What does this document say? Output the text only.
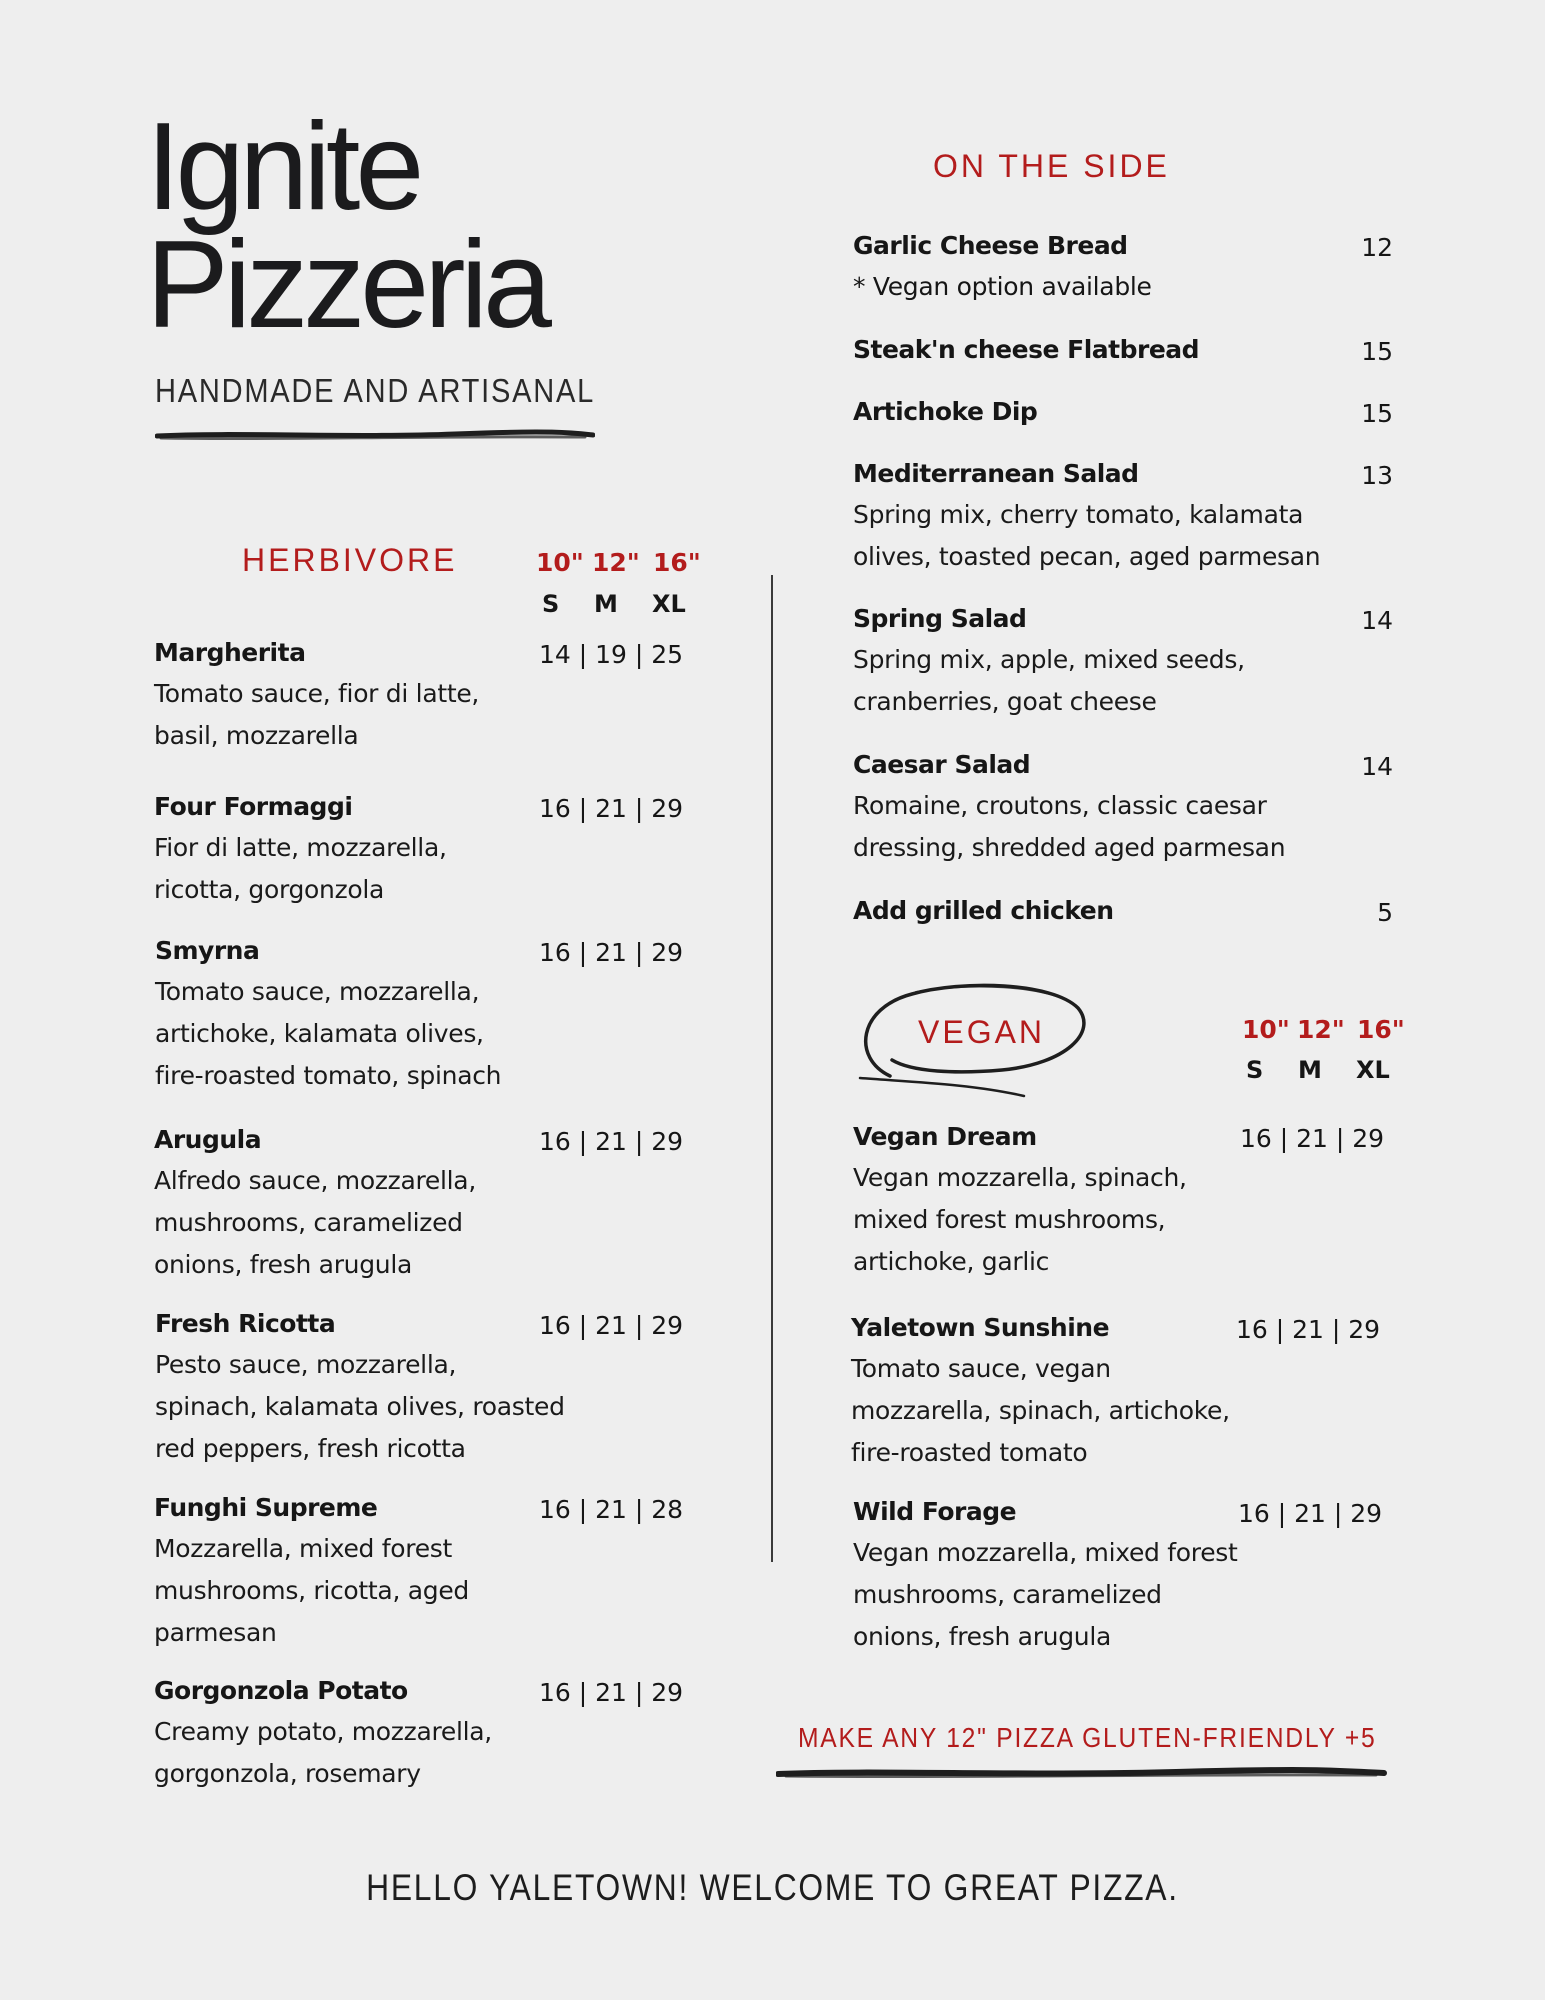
Ignite
Pizzeria
HANDMADE AND ARTISANAL
HERBIVORE	10" 12" 16"
S M XL
Margherita	14 | 19 | 25
Tomato sauce, fior di latte,
basil, mozzarella
Four Formaggi	16 | 21 | 29
Fior di latte, mozzarella,
ricotta, gorgonzola
Smyrna	16 | 21 | 29
Tomato sauce, mozzarella,
artichoke, kalamata olives,
fire-roasted tomato, spinach
Arugula	16 | 21 | 29
Alfredo sauce, mozzarella,
mushrooms, caramelized
onions, fresh arugula
Fresh Ricotta	16 | 21 | 29
Pesto sauce, mozzarella,
spinach, kalamata olives, roasted
red peppers, fresh ricotta
Funghi Supreme	16 | 21 | 28
Mozzarella, mixed forest
mushrooms, ricotta, aged
parmesan
Gorgonzola Potato	16 | 21 | 29
Creamy potato, mozzarella,
gorgonzola, rosemary
ON THE SIDE
Garlic Cheese Bread	12
* Vegan option available
Steak'n cheese Flatbread	15
Artichoke Dip	15
Mediterranean Salad	13
Spring mix, cherry tomato, kalamata
olives, toasted pecan, aged parmesan
Spring Salad	14
Spring mix, apple, mixed seeds,
cranberries, goat cheese
Caesar Salad	14
Romaine, croutons, classic caesar
dressing, shredded aged parmesan
Add grilled chicken	5
VEGAN	10" 12" 16"
S M XL
Vegan Dream	16 | 21 | 29
Vegan mozzarella, spinach,
mixed forest mushrooms,
artichoke, garlic
Yaletown Sunshine	16 | 21 | 29
Tomato sauce, vegan
mozzarella, spinach, artichoke,
fire-roasted tomato
Wild Forage	16 | 21 | 29
Vegan mozzarella, mixed forest
mushrooms, caramelized
onions, fresh arugula
MAKE ANY 12" PIZZA GLUTEN-FRIENDLY +5
HELLO YALETOWN! WELCOME TO GREAT PIZZA.
